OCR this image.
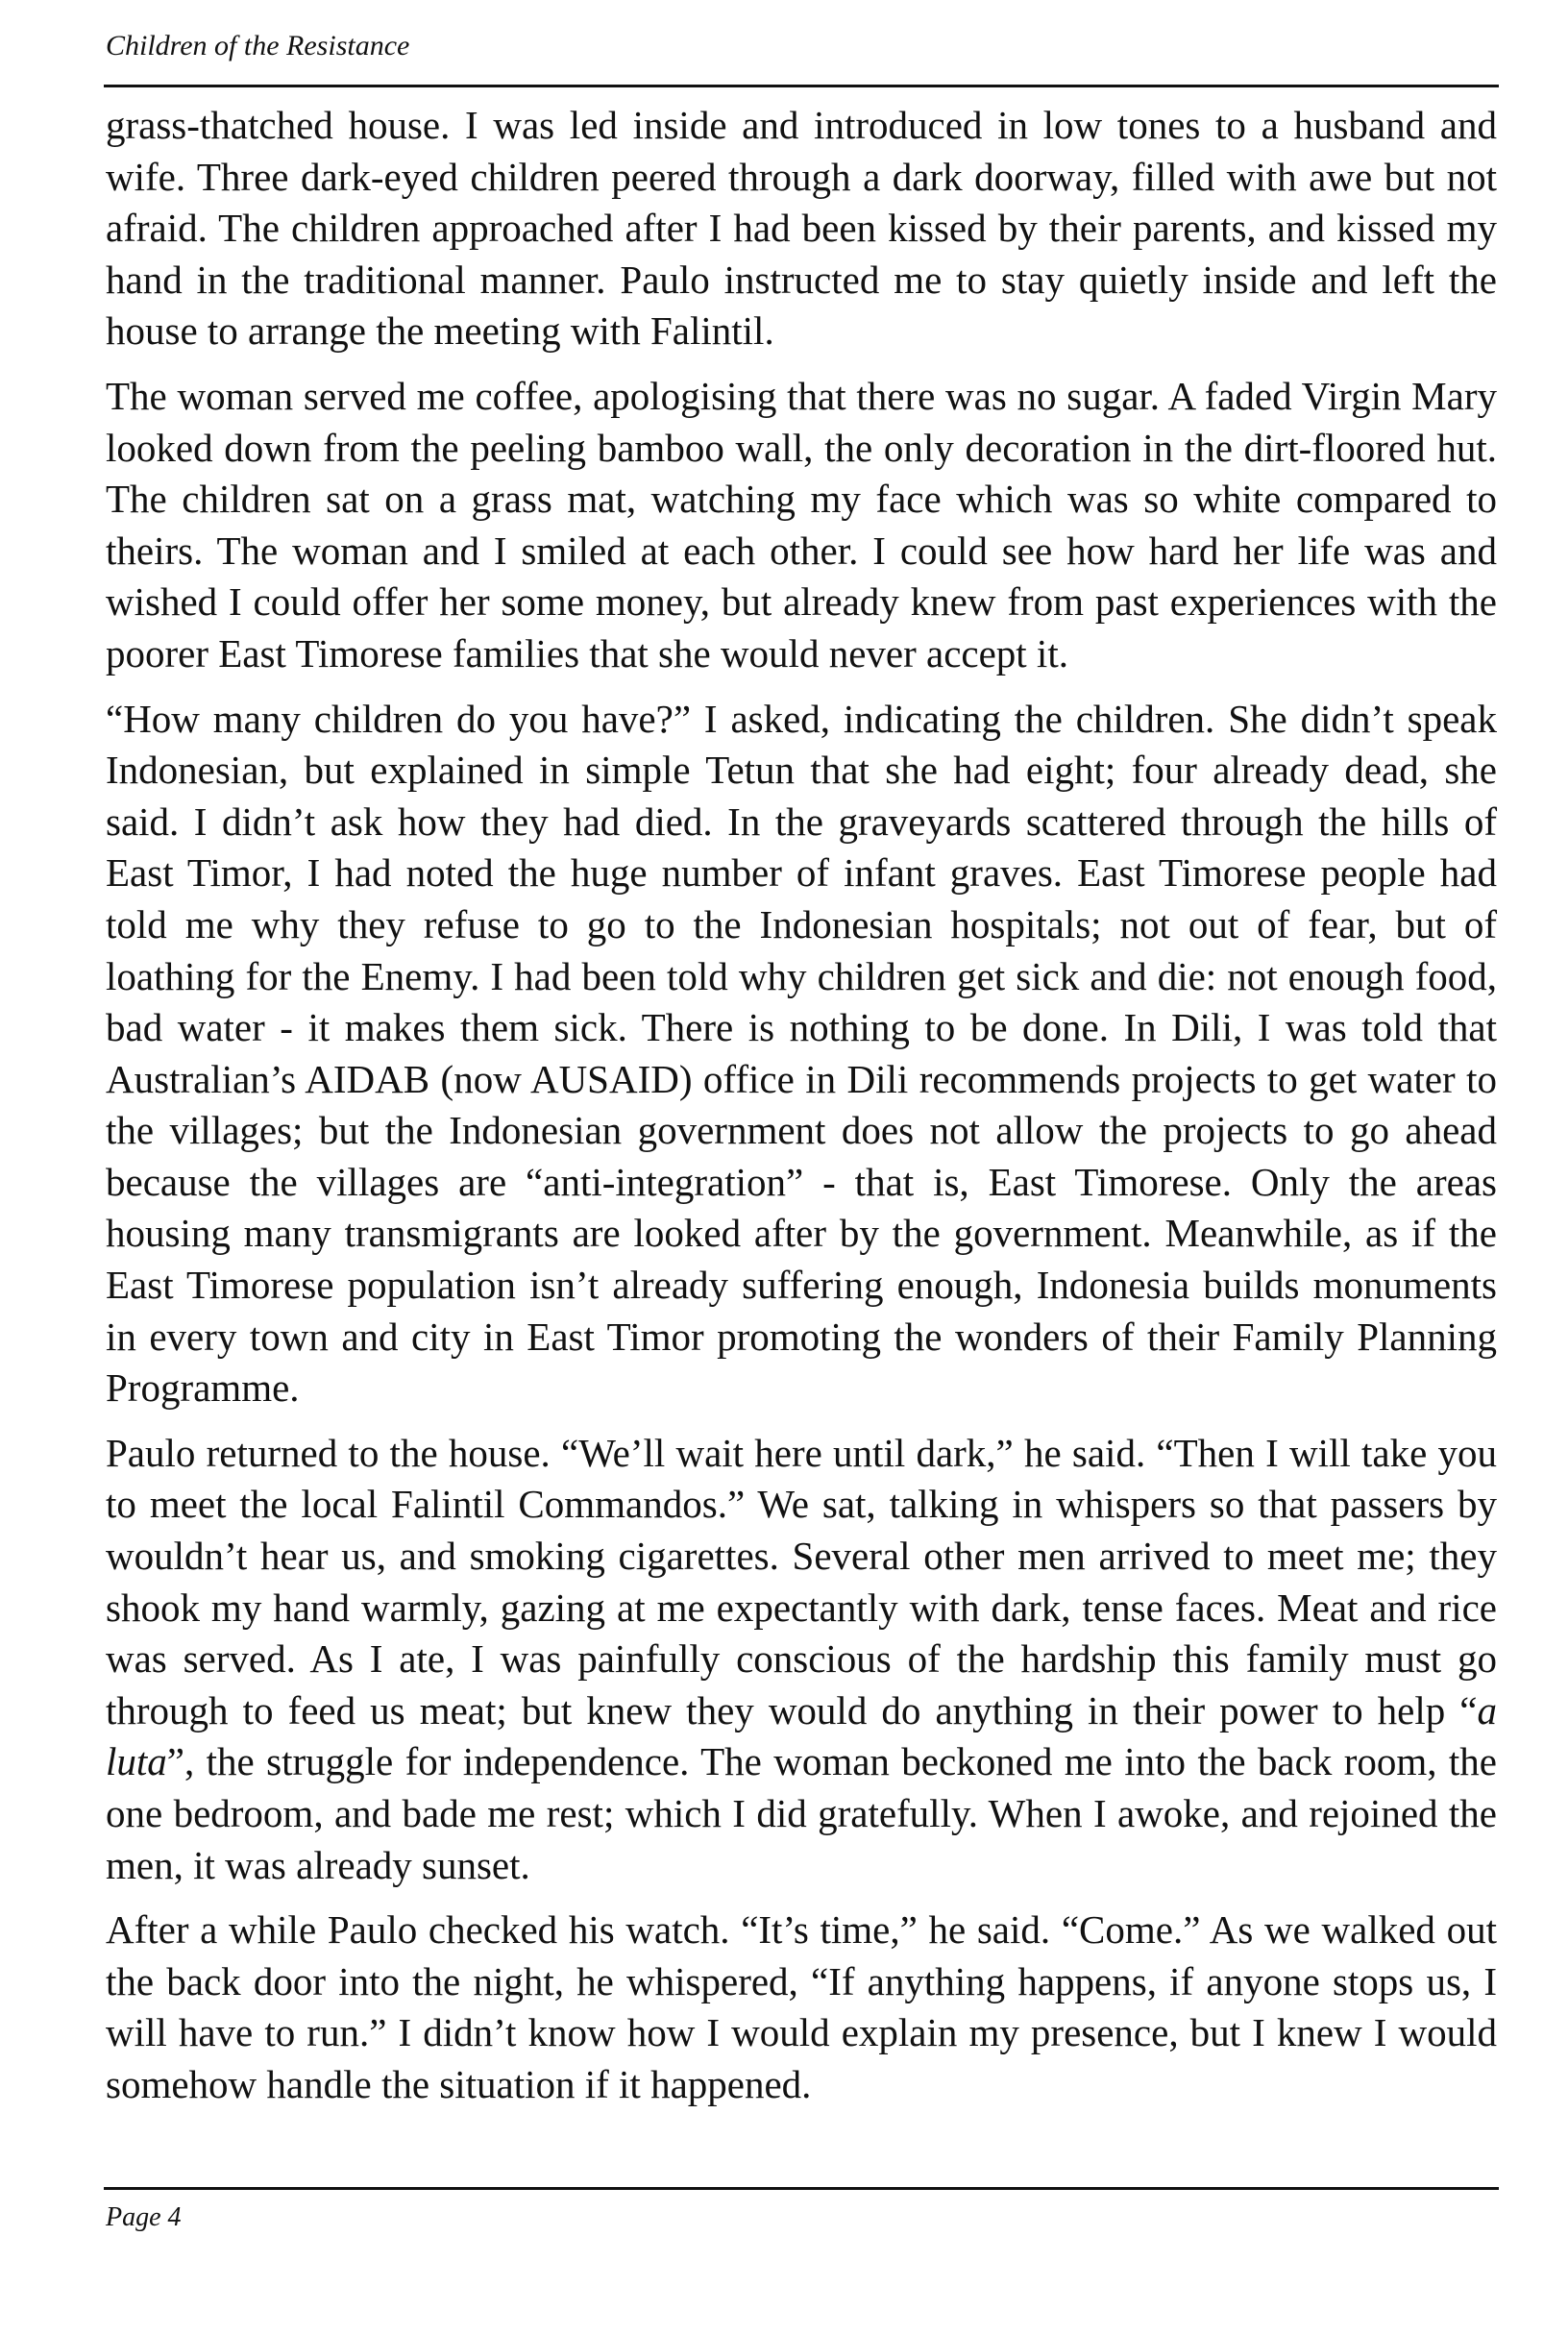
Children of the Resistance

grass-thatched house. I was led inside and introduced in low tones to a husband and wife. Three dark-eyed children peered through a dark doorway, filled with awe but not afraid. The children approached after I had been kissed by their parents, and kissed my hand in the traditional manner. Paulo instructed me to stay quietly inside and left the house to arrange the meeting with Falintil.

The woman served me coffee, apologising that there was no sugar. A faded Virgin Mary looked down from the peeling bamboo wall, the only decoration in the dirt-floored hut. The children sat on a grass mat, watching my face which was so white compared to theirs. The woman and I smiled at each other. I could see how hard her life was and wished I could offer her some money, but already knew from past experiences with the poorer East Timorese families that she would never accept it.

“How many children do you have?” I asked, indicating the children. She didn’t speak Indonesian, but explained in simple Tetun that she had eight; four already dead, she said. I didn’t ask how they had died. In the graveyards scattered through the hills of East Timor, I had noted the huge number of infant graves. East Timorese people had told me why they refuse to go to the Indonesian hospitals; not out of fear, but of loathing for the Enemy. I had been told why children get sick and die: not enough food, bad water - it makes them sick. There is nothing to be done. In Dili, I was told that Australian’s AIDAB (now AUSAID) office in Dili recommends projects to get water to the villages; but the Indonesian government does not allow the projects to go ahead because the villages are “anti-integration” - that is, East Timorese. Only the areas housing many transmigrants are looked after by the government. Meanwhile, as if the East Timorese population isn’t already suffering enough, Indonesia builds monuments in every town and city in East Timor promoting the wonders of their Family Planning Programme.

Paulo returned to the house. “We’ll wait here until dark,” he said. “Then I will take you to meet the local Falintil Commandos.” We sat, talking in whispers so that passers by wouldn’t hear us, and smoking cigarettes. Several other men arrived to meet me; they shook my hand warmly, gazing at me expectantly with dark, tense faces. Meat and rice was served. As I ate, I was painfully conscious of the hardship this family must go through to feed us meat; but knew they would do anything in their power to help “a luta”, the struggle for independence. The woman beckoned me into the back room, the one bedroom, and bade me rest; which I did gratefully. When I awoke, and rejoined the men, it was already sunset.

After a while Paulo checked his watch. “It’s time,” he said. “Come.” As we walked out the back door into the night, he whispered, “If anything happens, if anyone stops us, I will have to run.” I didn’t know how I would explain my presence, but I knew I would somehow handle the situation if it happened.

Page 4
